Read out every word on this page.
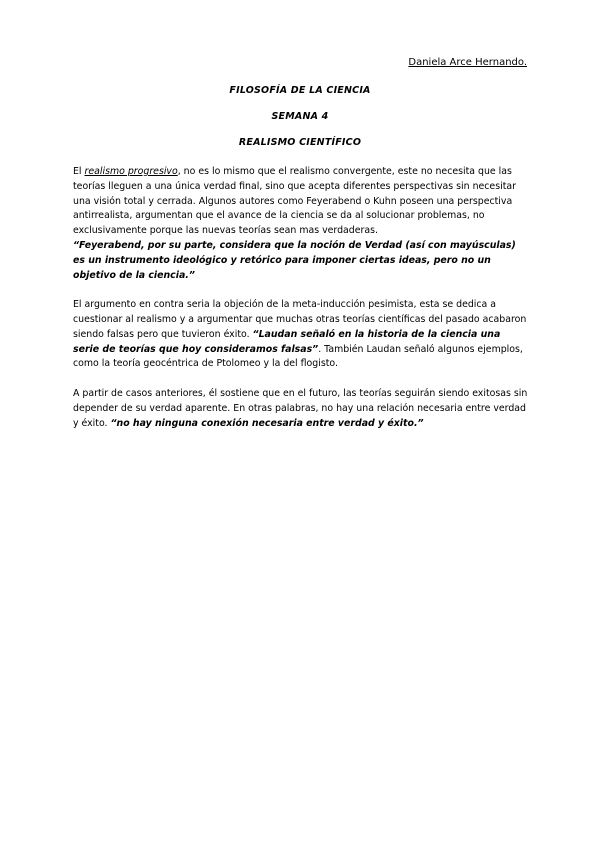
Daniela Arce Hernando.
FILOSOFÍA DE LA CIENCIA
SEMANA 4
REALISMO CIENTÍFICO

El realismo progresivo, no es lo mismo que el realismo convergente, este no necesita que las teorías lleguen a una única verdad final, sino que acepta diferentes perspectivas sin necesitar una visión total y cerrada. Algunos autores como Feyerabend o Kuhn poseen una perspectiva antirrealista, argumentan que el avance de la ciencia se da al solucionar problemas, no exclusivamente porque las nuevas teorías sean mas verdaderas.
“Feyerabend, por su parte, considera que la noción de Verdad (así con mayúsculas) es un instrumento ideológico y retórico para imponer ciertas ideas, pero no un objetivo de la ciencia.”

El argumento en contra seria la objeción de la meta-inducción pesimista, esta se dedica a cuestionar al realismo y a argumentar que muchas otras teorías científicas del pasado acabaron siendo falsas pero que tuvieron éxito. “Laudan señaló en la historia de la ciencia una serie de teorías que hoy consideramos falsas”. También Laudan señaló algunos ejemplos, como la teoría geocéntrica de Ptolomeo y la del flogisto.

A partir de casos anteriores, él sostiene que en el futuro, las teorías seguirán siendo exitosas sin depender de su verdad aparente. En otras palabras, no hay una relación necesaria entre verdad y éxito. “no hay ninguna conexión necesaria entre verdad y éxito.”
